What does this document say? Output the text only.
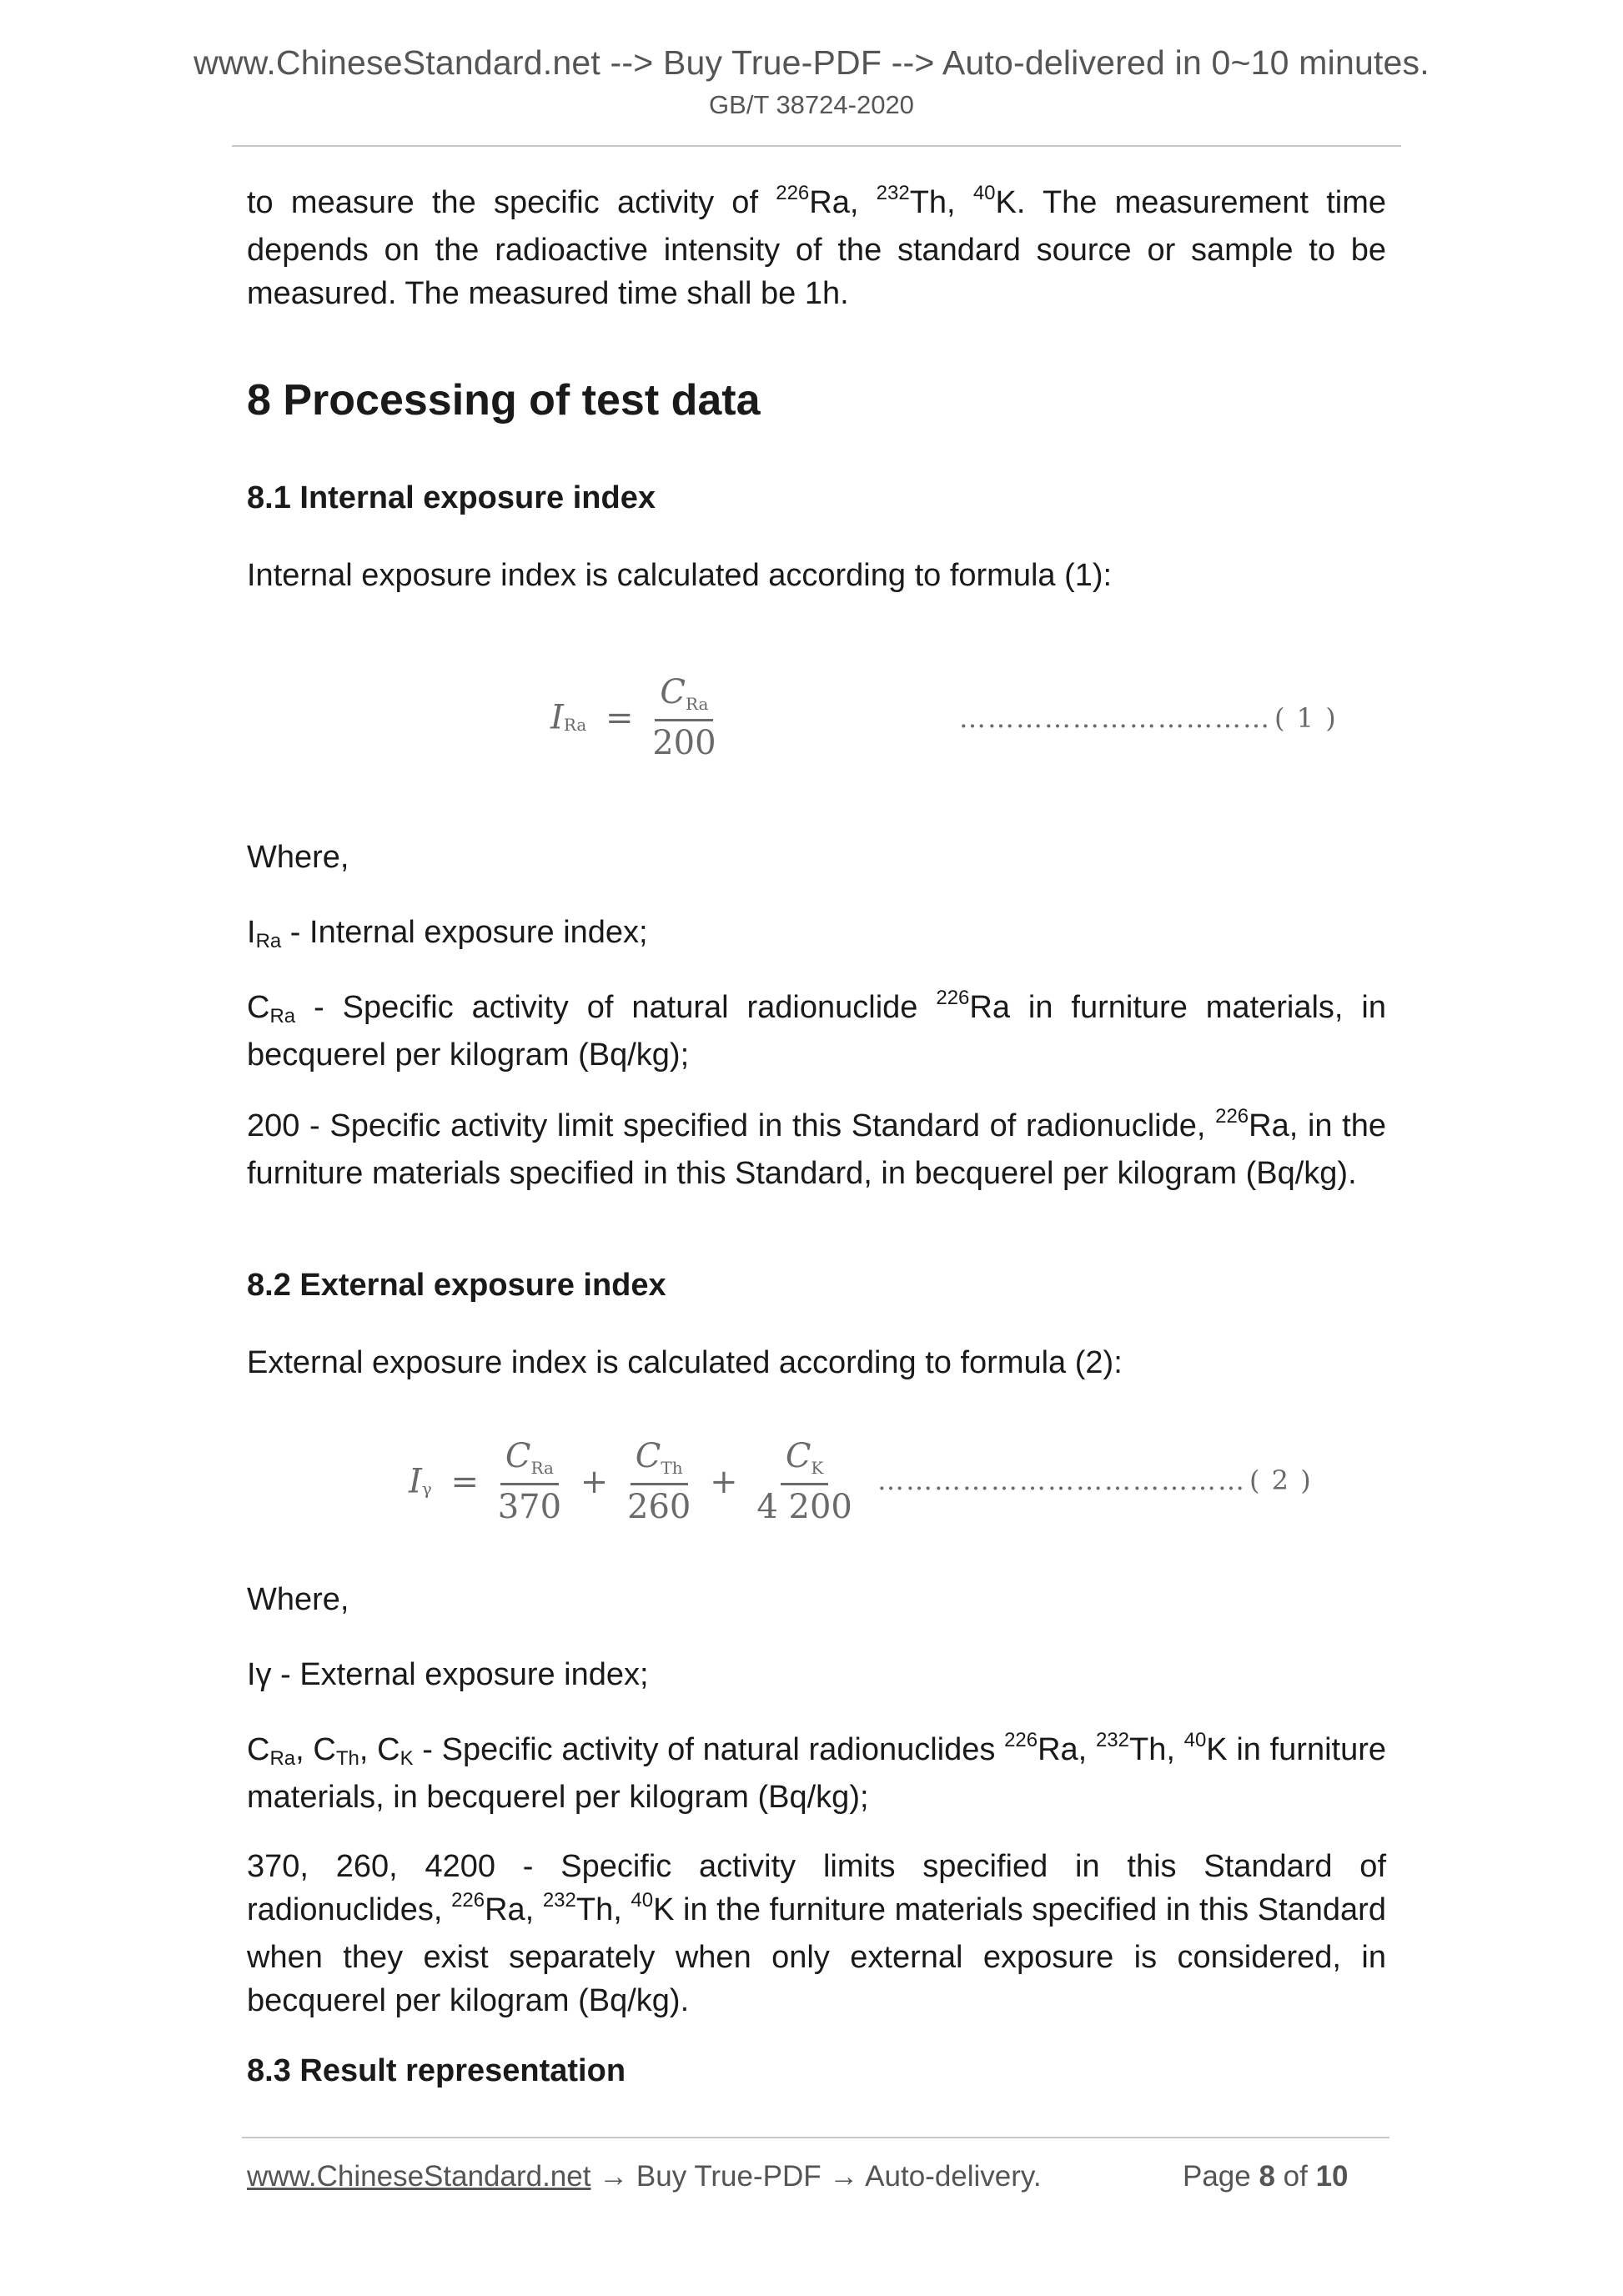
www.ChineseStandard.net --> Buy True-PDF --> Auto-delivered in 0~10 minutes.
GB/T 38724-2020

to measure the specific activity of $^{226}$Ra, $^{232}$Th, $^{40}$K. The measurement time depends on the radioactive intensity of the standard source or sample to be measured. The measured time shall be 1h.

8 Processing of test data
8.1 Internal exposure index

Internal exposure index is calculated according to formula (1):

$I_{Ra} = \frac{C_{Ra}}{200}$	…………………………… ( 1 )

Where,

$I_{Ra}$ - Internal exposure index;

$C_{Ra}$ - Specific activity of natural radionuclide $^{226}$Ra in furniture materials, in becquerel per kilogram (Bq/kg);

200 - Specific activity limit specified in this Standard of radionuclide, $^{226}$Ra, in the furniture materials specified in this Standard, in becquerel per kilogram (Bq/kg).

8.2 External exposure index

External exposure index is calculated according to formula (2):

$I_\gamma = \frac{C_{Ra}}{370} + \frac{C_{Th}}{260} + \frac{C_K}{4 200}$ ………………………………… ( 2 )

Where,

Iγ - External exposure index;

$C_{Ra}$, $C_{Th}$, $C_K$ - Specific activity of natural radionuclides $^{226}$Ra, $^{232}$Th, $^{40}$K in furniture materials, in becquerel per kilogram (Bq/kg);

370, 260, 4200 - Specific activity limits specified in this Standard of radionuclides, $^{226}$Ra, $^{232}$Th, $^{40}$K in the furniture materials specified in this Standard when they exist separately when only external exposure is considered, in becquerel per kilogram (Bq/kg).

8.3 Result representation
www.ChineseStandard.net → Buy True-PDF → Auto-delivery.	Page 8 of 10
